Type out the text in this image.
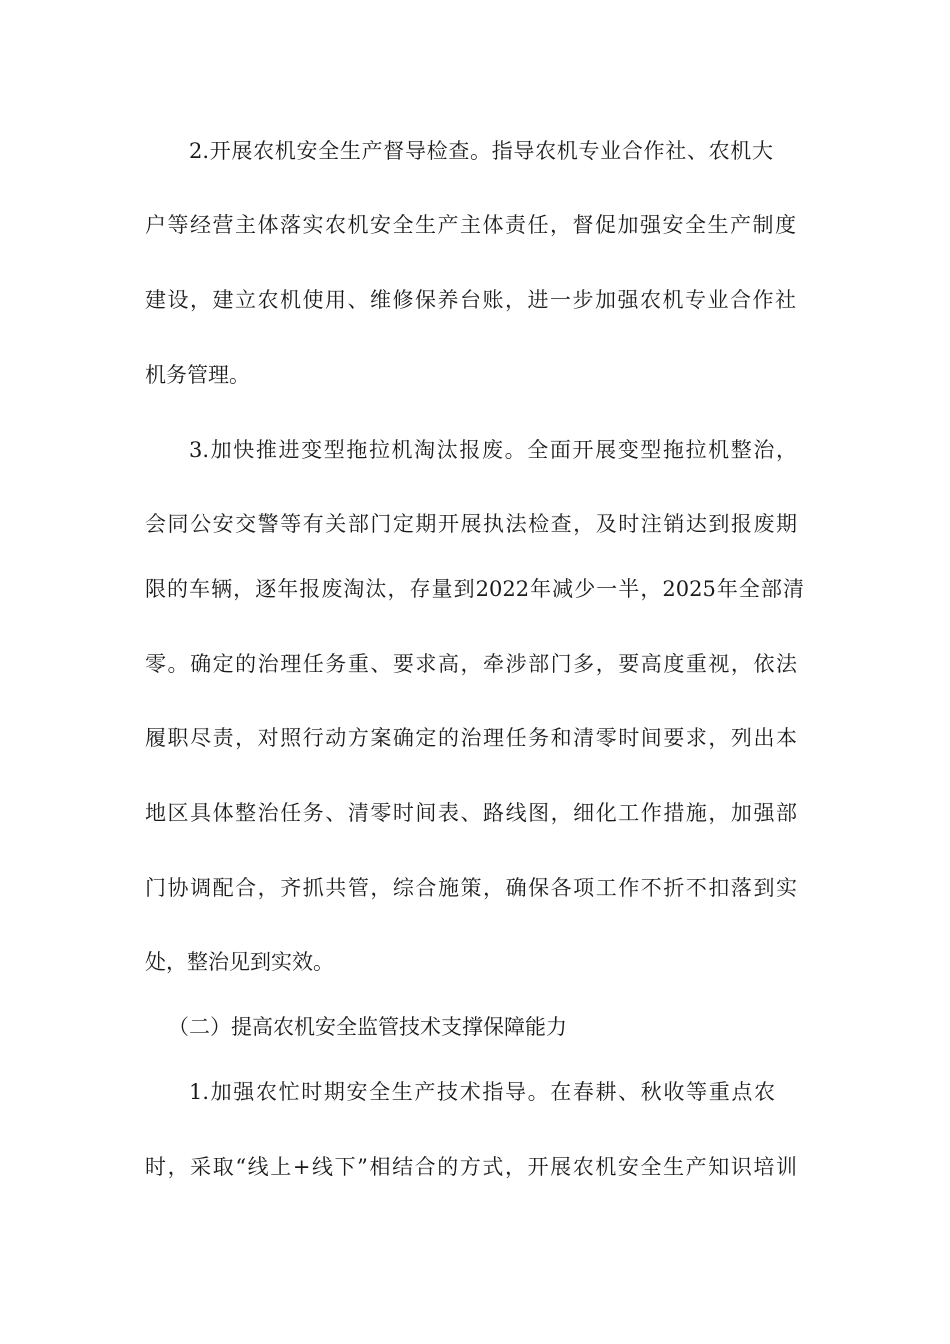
2.开展农机安全生产督导检查。指导农机专业合作社、农机大
户等经营主体落实农机安全生产主体责任，督促加强安全生产制度
建设，建立农机使用、维修保养台账，进一步加强农机专业合作社
机务管理。
3.加快推进变型拖拉机淘汰报废。全面开展变型拖拉机整治，
会同公安交警等有关部门定期开展执法检查，及时注销达到报废期
限的车辆，逐年报废淘汰，存量到2022年减少一半，2025年全部清
零。确定的治理任务重、要求高，牵涉部门多，要高度重视，依法
履职尽责，对照行动方案确定的治理任务和清零时间要求，列出本
地区具体整治任务、清零时间表、路线图，细化工作措施，加强部
门协调配合，齐抓共管，综合施策，确保各项工作不折不扣落到实
处，整治见到实效。
（二）提高农机安全监管技术支撑保障能力
1.加强农忙时期安全生产技术指导。在春耕、秋收等重点农
时，采取“线上+线下”相结合的方式，开展农机安全生产知识培训
